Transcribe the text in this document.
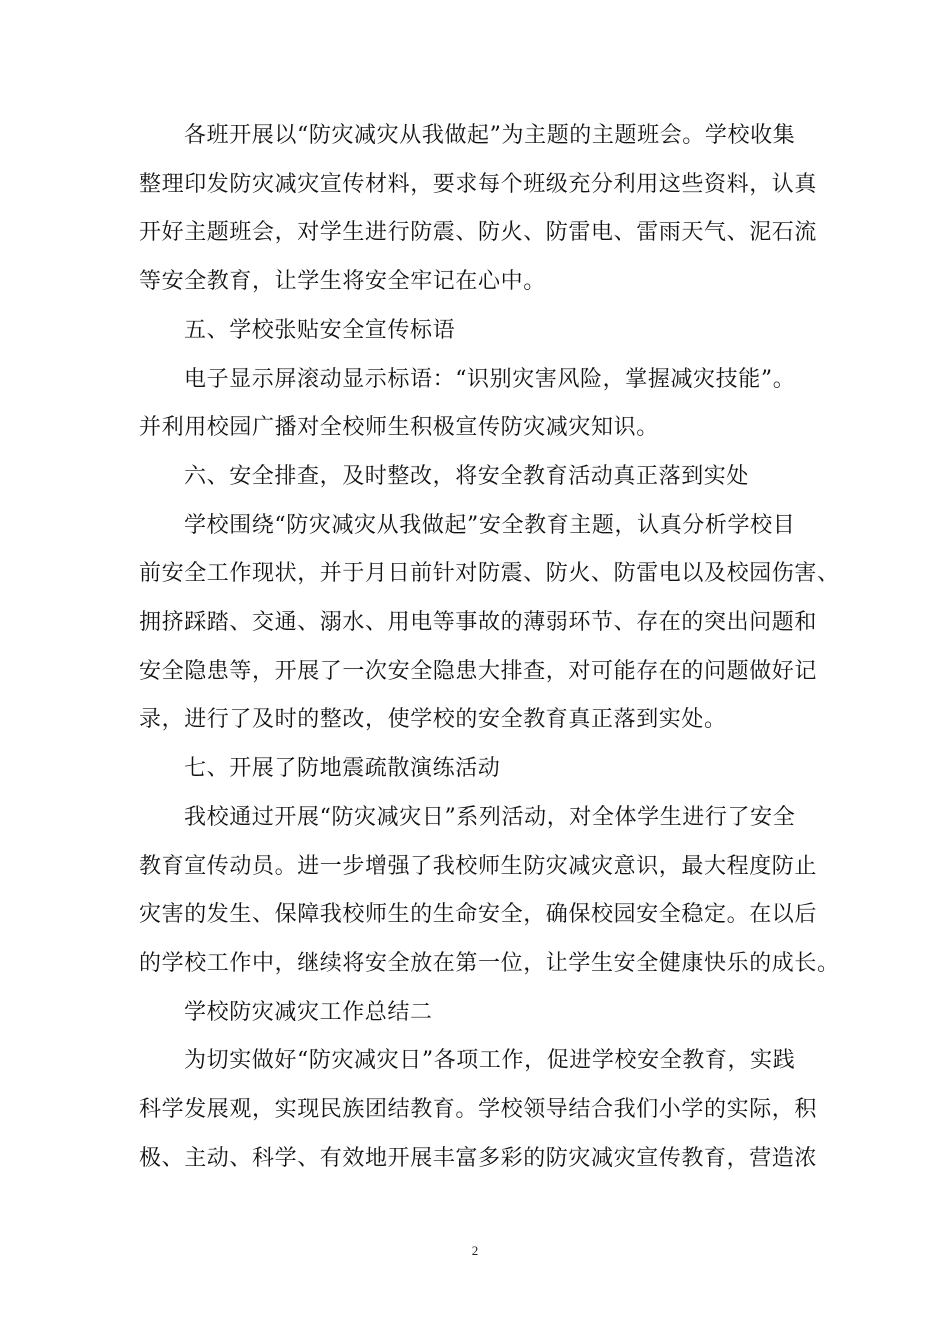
各班开展以“防灾减灾从我做起”为主题的主题班会。学校收集
整理印发防灾减灾宣传材料，要求每个班级充分利用这些资料，认真
开好主题班会，对学生进行防震、防火、防雷电、雷雨天气、泥石流
等安全教育，让学生将安全牢记在心中。
五、学校张贴安全宣传标语
电子显示屏滚动显示标语：“识别灾害风险，掌握减灾技能”。
并利用校园广播对全校师生积极宣传防灾减灾知识。
六、安全排查，及时整改，将安全教育活动真正落到实处
学校围绕“防灾减灾从我做起”安全教育主题，认真分析学校目
前安全工作现状，并于月日前针对防震、防火、防雷电以及校园伤害、
拥挤踩踏、交通、溺水、用电等事故的薄弱环节、存在的突出问题和
安全隐患等，开展了一次安全隐患大排查，对可能存在的问题做好记
录，进行了及时的整改，使学校的安全教育真正落到实处。
七、开展了防地震疏散演练活动
我校通过开展“防灾减灾日”系列活动，对全体学生进行了安全
教育宣传动员。进一步增强了我校师生防灾减灾意识，最大程度防止
灾害的发生、保障我校师生的生命安全，确保校园安全稳定。在以后
的学校工作中，继续将安全放在第一位，让学生安全健康快乐的成长。
学校防灾减灾工作总结二
为切实做好“防灾减灾日”各项工作，促进学校安全教育，实践
科学发展观，实现民族团结教育。学校领导结合我们小学的实际，积
极、主动、科学、有效地开展丰富多彩的防灾减灾宣传教育，营造浓
2
